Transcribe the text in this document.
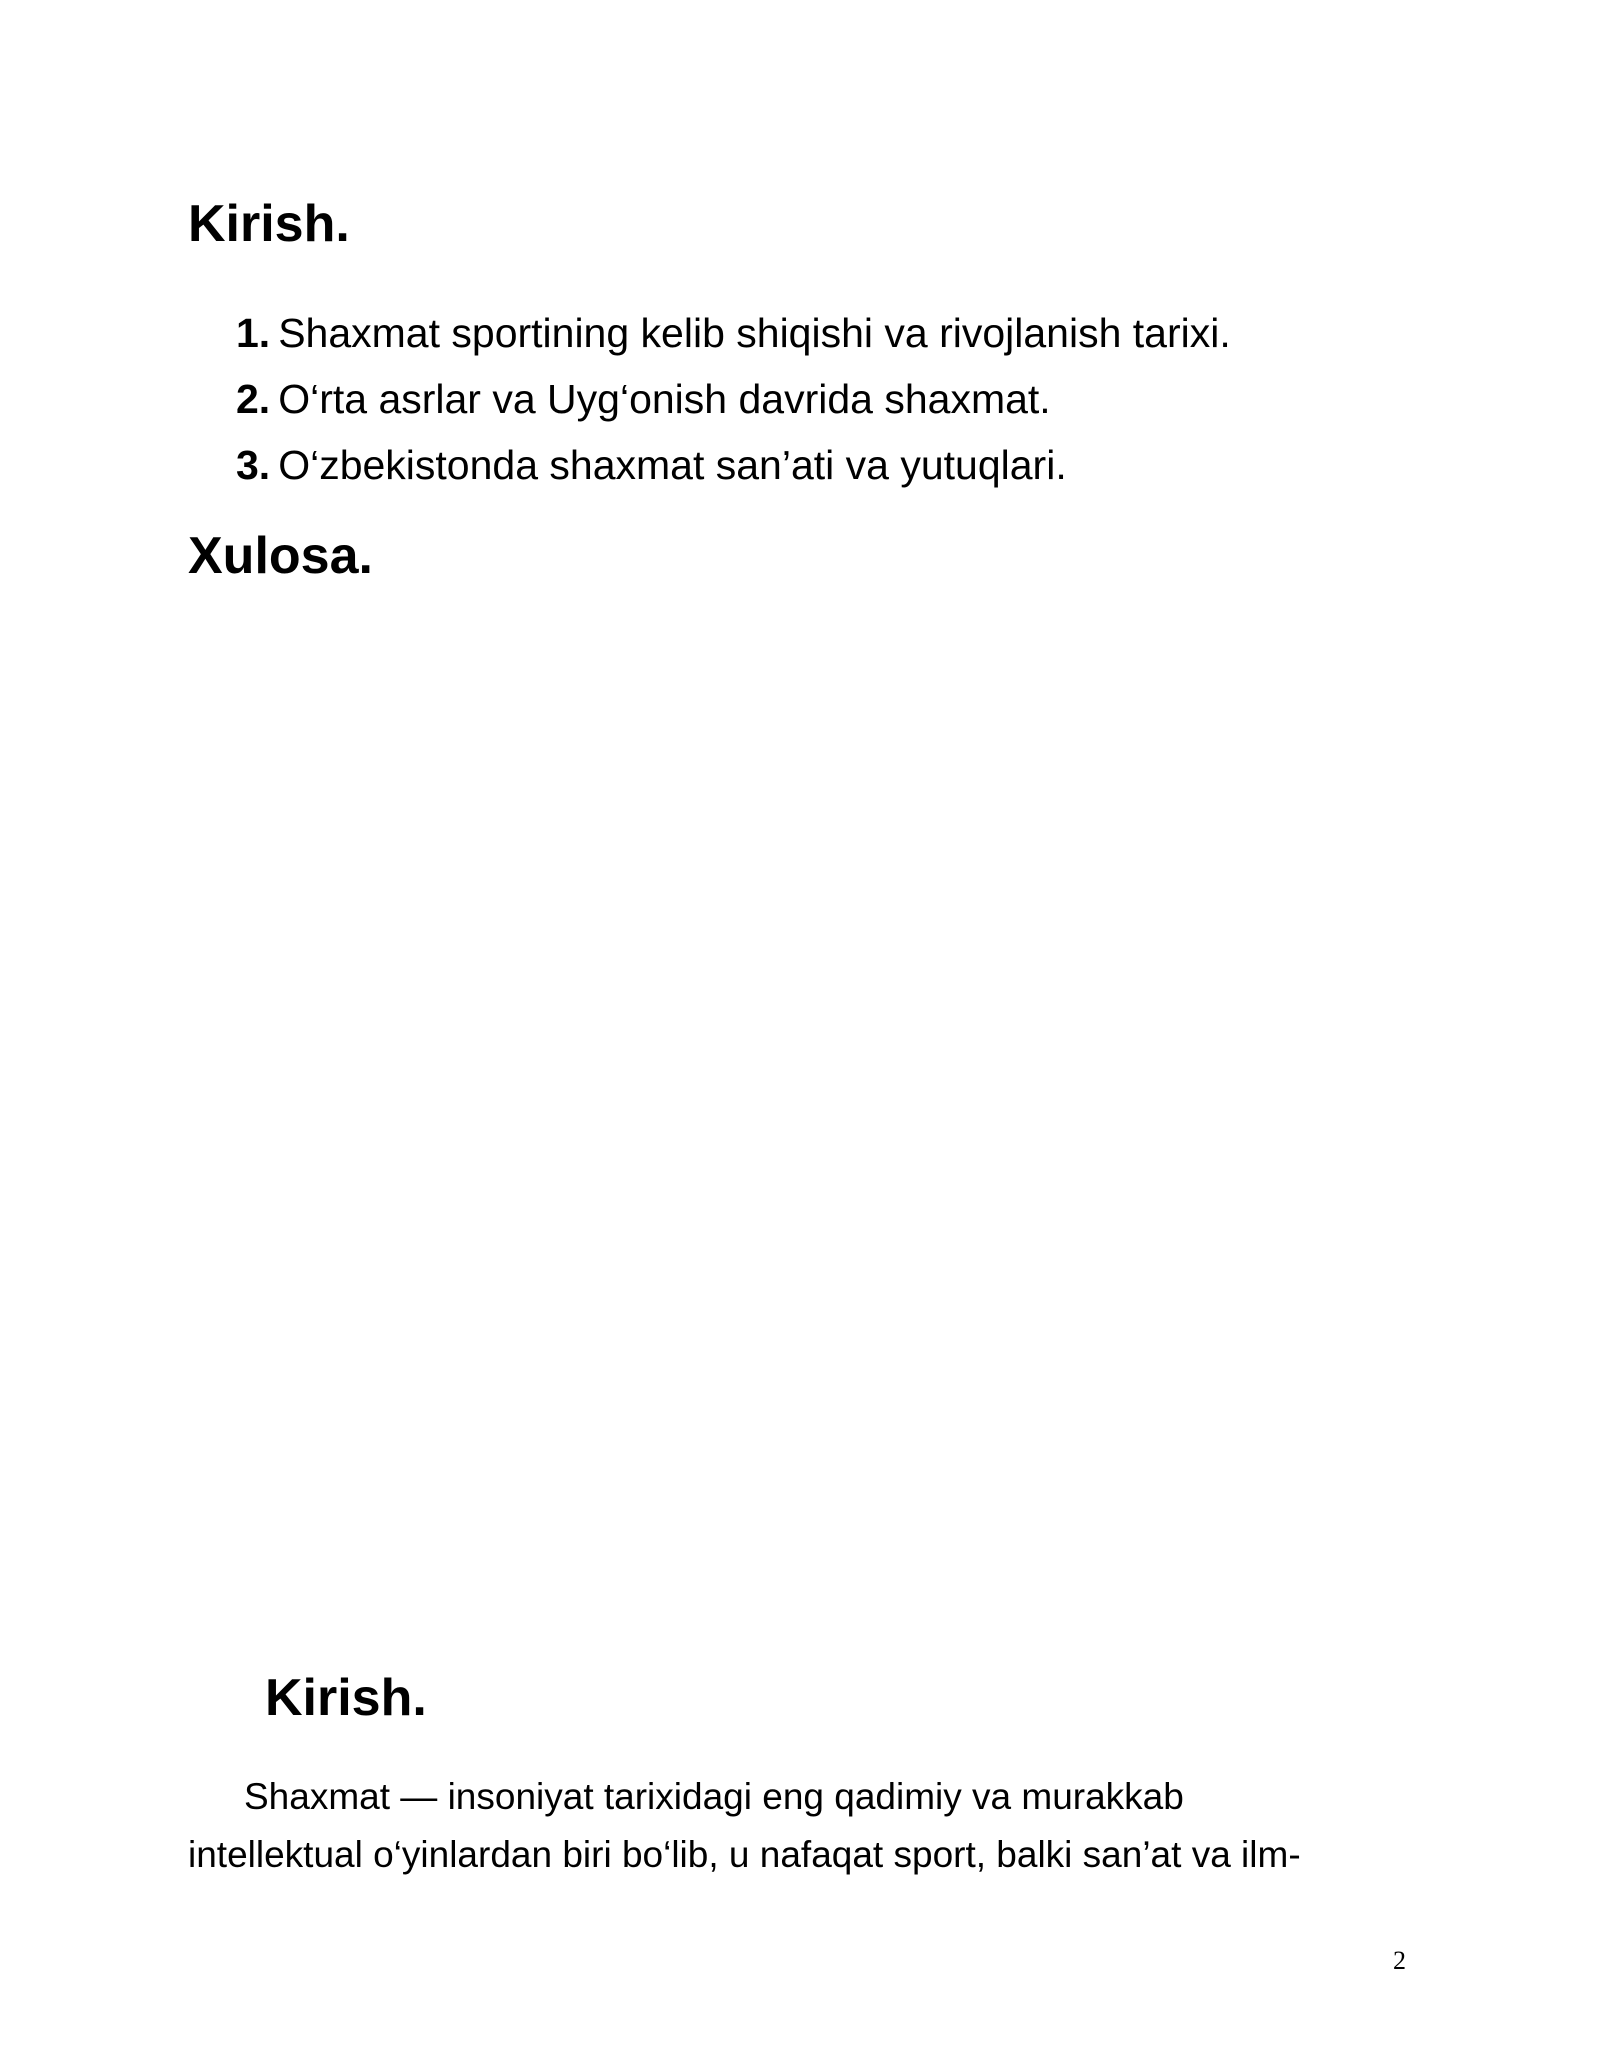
Kirish.
1. Shaxmat sportining kelib shiqishi va rivojlanish tarixi.
2. O‘rta asrlar va Uyg‘onish davrida shaxmat.
3. O‘zbekistonda shaxmat san’ati va yutuqlari.
Xulosa.
Kirish.
Shaxmat — insoniyat tarixidagi eng qadimiy va murakkab
intellektual o‘yinlardan biri bo‘lib, u nafaqat sport, balki san’at va ilm-
2
